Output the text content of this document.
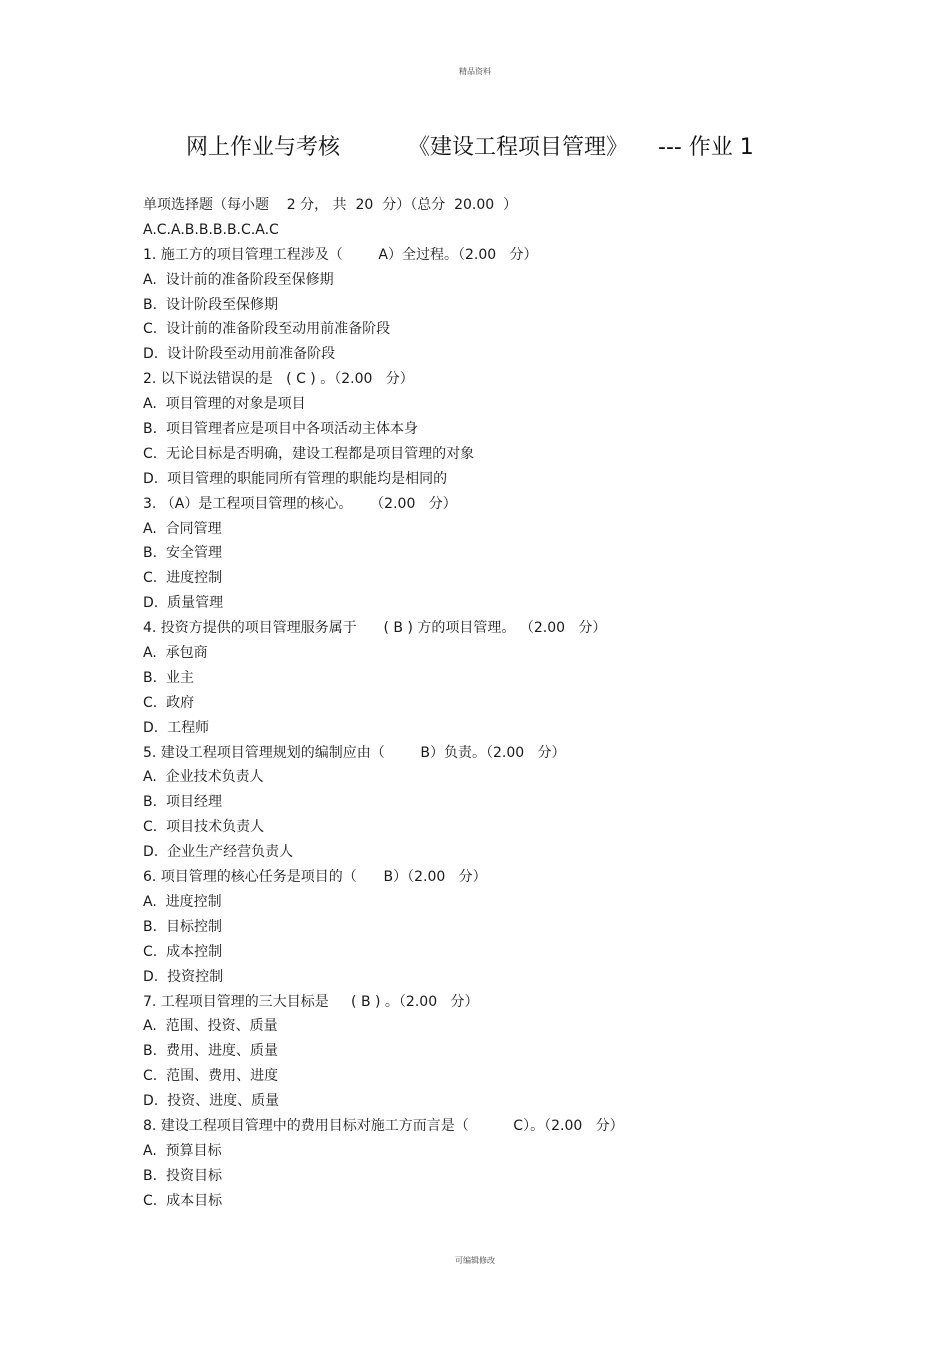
精品资料
网上作业与考核	《建设工程项目管理》 --- 作业 1
单项选择题（每小题    2 分， 共  20  分）（总分  20.00  ）
A.C.A.B.B.B.B.C.A.C
1. 施工方的项目管理工程涉及（        A）全过程。（2.00   分）
A.  设计前的准备阶段至保修期
B.  设计阶段至保修期
C.  设计前的准备阶段至动用前准备阶段
D.  设计阶段至动用前准备阶段
2. 以下说法错误的是   ( C ) 。（2.00   分）
A.  项目管理的对象是项目
B.  项目管理者应是项目中各项活动主体本身
C.  无论目标是否明确，建设工程都是项目管理的对象
D.  项目管理的职能同所有管理的职能均是相同的
3. （A）是工程项目管理的核心。    （2.00   分）
A.  合同管理
B.  安全管理
C.  进度控制
D.  质量管理
4. 投资方提供的项目管理服务属于      ( B ) 方的项目管理。 （2.00   分）
A.  承包商
B.  业主
C.  政府
D.  工程师
5. 建设工程项目管理规划的编制应由（        B）负责。（2.00   分）
A.  企业技术负责人
B.  项目经理
C.  项目技术负责人
D.  企业生产经营负责人
6. 项目管理的核心任务是项目的（      B）（2.00   分）
A.  进度控制
B.  目标控制
C.  成本控制
D.  投资控制
7. 工程项目管理的三大目标是     ( B ) 。（2.00   分）
A.  范围、投资、质量
B.  费用、进度、质量
C.  范围、费用、进度
D.  投资、进度、质量
8. 建设工程项目管理中的费用目标对施工方而言是（          C）。（2.00   分）
A.  预算目标
B.  投资目标
C.  成本目标
可编辑修改
